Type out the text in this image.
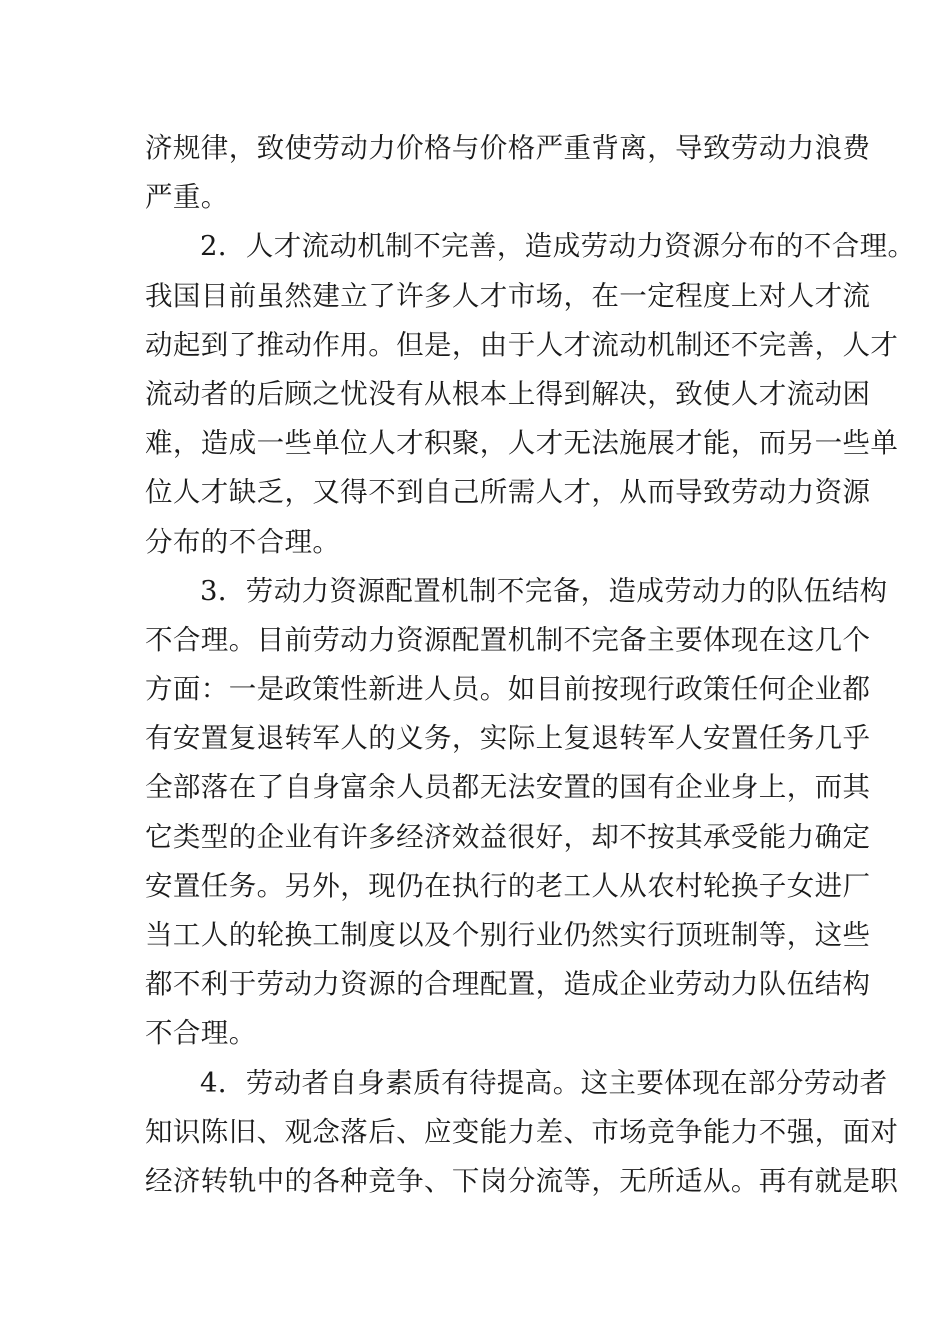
济规律，致使劳动力价格与价格严重背离，导致劳动力浪费
严重。
2．人才流动机制不完善，造成劳动力资源分布的不合理。
我国目前虽然建立了许多人才市场，在一定程度上对人才流
动起到了推动作用。但是，由于人才流动机制还不完善，人才
流动者的后顾之忧没有从根本上得到解决，致使人才流动困
难，造成一些单位人才积聚，人才无法施展才能，而另一些单
位人才缺乏，又得不到自己所需人才，从而导致劳动力资源
分布的不合理。
3．劳动力资源配置机制不完备，造成劳动力的队伍结构
不合理。目前劳动力资源配置机制不完备主要体现在这几个
方面：一是政策性新进人员。如目前按现行政策任何企业都
有安置复退转军人的义务，实际上复退转军人安置任务几乎
全部落在了自身富余人员都无法安置的国有企业身上，而其
它类型的企业有许多经济效益很好，却不按其承受能力确定
安置任务。另外，现仍在执行的老工人从农村轮换子女进厂
当工人的轮换工制度以及个别行业仍然实行顶班制等，这些
都不利于劳动力资源的合理配置，造成企业劳动力队伍结构
不合理。
4．劳动者自身素质有待提高。这主要体现在部分劳动者
知识陈旧、观念落后、应变能力差、市场竞争能力不强，面对
经济转轨中的各种竞争、下岗分流等，无所适从。再有就是职
